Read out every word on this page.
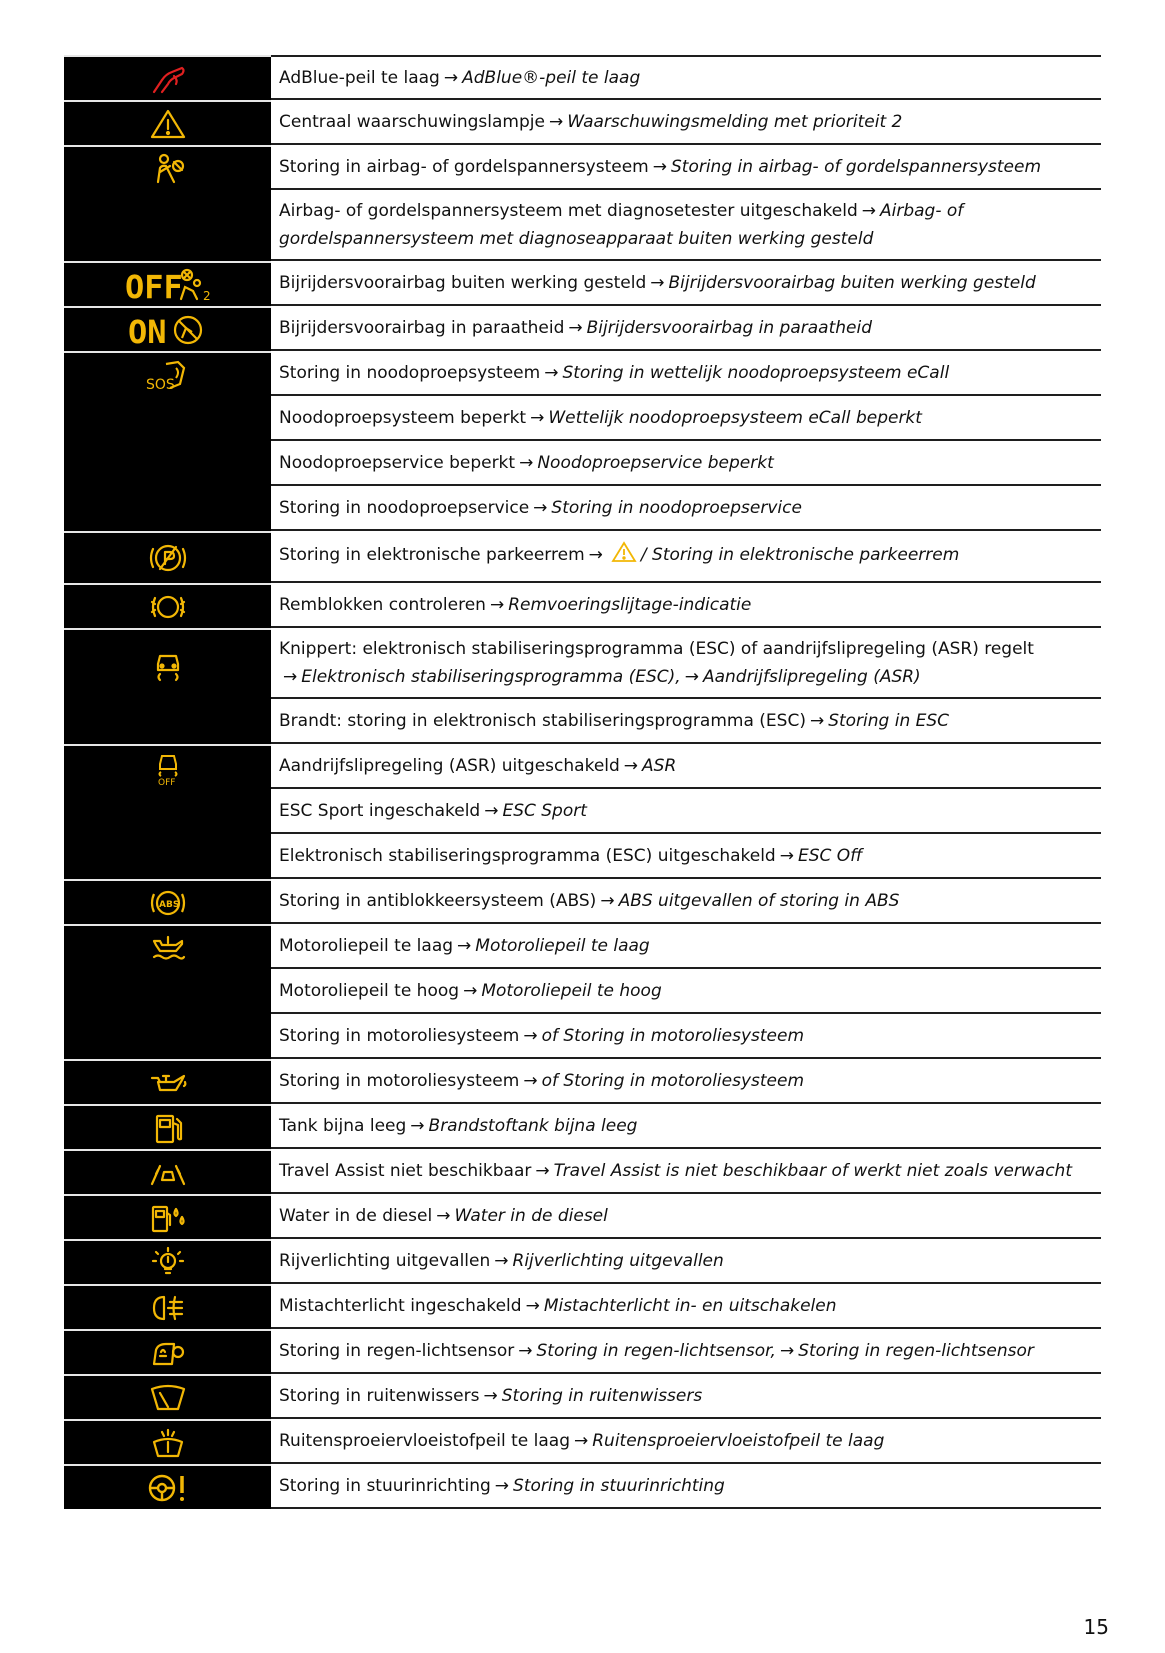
AdBlue-peil te laag → AdBlue®-peil te laag
Centraal waarschuwingslampje → Waarschuwingsmelding met prioriteit 2
Storing in airbag- of gordelspannersysteem → Storing in airbag- of gordelspannersysteem
Airbag- of gordelspannersysteem met diagnosetester uitgeschakeld → Airbag- of gordelspannersysteem met diagnoseapparaat buiten werking gesteld
OFF 2
Bijrijdersvoorairbag buiten werking gesteld → Bijrijdersvoorairbag buiten werking gesteld
ON	Bijrijdersvoorairbag in paraatheid → Bijrijdersvoorairbag in paraatheid
SOS
Storing in noodoproepsysteem → Storing in wettelijk noodoproepsysteem eCall
Noodoproepsysteem beperkt → Wettelijk noodoproepsysteem eCall beperkt
Noodoproepservice beperkt → Noodoproepservice beperkt
Storing in noodoproepservice → Storing in noodoproepservice
Storing in elektronische parkeerrem → / Storing in elektronische parkeerrem
Remblokken controleren → Remvoeringslijtage-indicatie
Knippert: elektronisch stabiliseringsprogramma (ESC) of aandrijfslipregeling (ASR) regelt
→ Elektronisch stabiliseringsprogramma (ESC), → Aandrijfslipregeling (ASR)
Brandt: storing in elektronisch stabiliseringsprogramma (ESC) → Storing in ESC
OFF
Aandrijfslipregeling (ASR) uitgeschakeld → ASR
ESC Sport ingeschakeld → ESC Sport
Elektronisch stabiliseringsprogramma (ESC) uitgeschakeld → ESC Off
ABS	Storing in antiblokkeersysteem (ABS) → ABS uitgevallen of storing in ABS
Motoroliepeil te laag → Motoroliepeil te laag
Motoroliepeil te hoog → Motoroliepeil te hoog
Storing in motoroliesysteem → of Storing in motoroliesysteem
Storing in motoroliesysteem → of Storing in motoroliesysteem
Tank bijna leeg → Brandstoftank bijna leeg
Travel Assist niet beschikbaar → Travel Assist is niet beschikbaar of werkt niet zoals verwacht
Water in de diesel → Water in de diesel
Rijverlichting uitgevallen → Rijverlichting uitgevallen
Mistachterlicht ingeschakeld → Mistachterlicht in- en uitschakelen
Storing in regen-lichtsensor → Storing in regen-lichtsensor, → Storing in regen-lichtsensor
Storing in ruitenwissers → Storing in ruitenwissers
Ruitensproeiervloeistofpeil te laag → Ruitensproeiervloeistofpeil te laag
Storing in stuurinrichting → Storing in stuurinrichting
15
